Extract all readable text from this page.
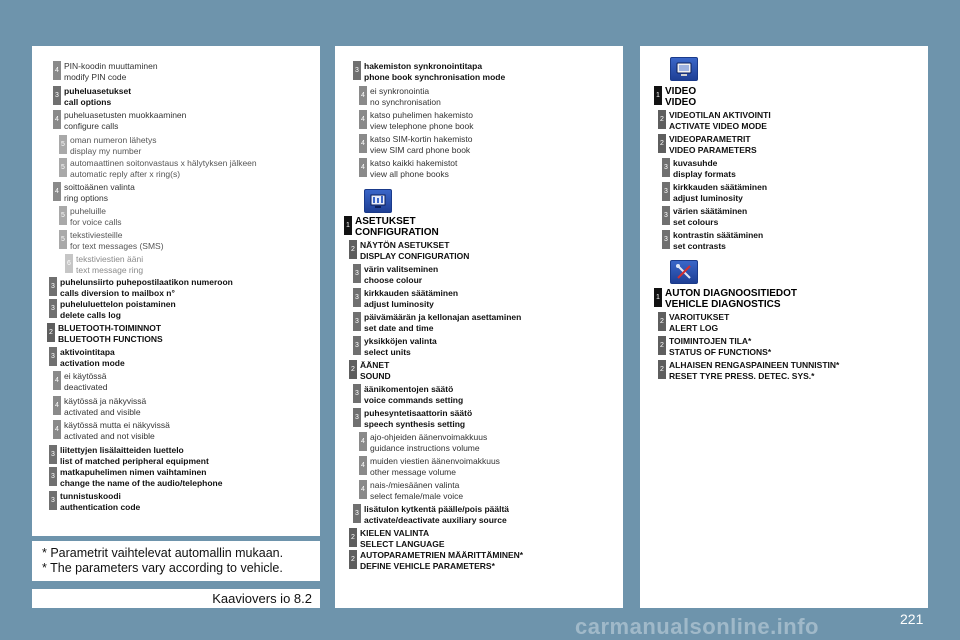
* Parametrit vaihtelevat automallin mukaan.
* The parameters vary according to vehicle.
Kaaviovers io 8.2
carmanualsonline.info	221
4 PIN-koodin muuttaminen
modify PIN code
3 puheluasetukset
call options
4 puheluasetusten muokkaaminen
configure calls
5 oman numeron lähetys
display my number
5 automaattinen soitonvastaus x hälytyksen jälkeen
automatic reply after x ring(s)
4 soittoäänen valinta
ring options
5 puheluille
for voice calls
5 tekstiviesteille
for text messages (SMS)
6 tekstiviestien ääni
text message ring
3 puhelunsiirto puhepostilaatikon numeroon
calls diversion to mailbox n°
3 puheluluettelon poistaminen
delete calls log
2 BLUETOOTH-TOIMINNOT
BLUETOOTH FUNCTIONS
3 aktivointitapa
activation mode
4 ei käytössä
deactivated
4 käytössä ja näkyvissä
activated and visible
4 käytössä mutta ei näkyvissä
activated and not visible
3 liitettyjen lisälaitteiden luettelo
list of matched peripheral equipment
3 matkapuhelimen nimen vaihtaminen
change the name of the audio/telephone
3 tunnistuskoodi
authentication code
3 hakemiston synkronointitapa
phone book synchronisation mode
4 ei synkronointia
no synchronisation
4 katso puhelimen hakemisto
view telephone phone book
4 katso SIM-kortin hakemisto
view SIM card phone book
4 katso kaikki hakemistot
view all phone books
1 ASETUKSET
CONFIGURATION
2 NÄYTÖN ASETUKSET
DISPLAY CONFIGURATION
3 värin valitseminen
choose colour
3 kirkkauden säätäminen
adjust luminosity
3 päivämäärän ja kellonajan asettaminen
set date and time
3 yksikköjen valinta
select units
2 ÄÄNET
SOUND
3 äänikomentojen säätö
voice commands setting
3 puhesyntetisaattorin säätö
speech synthesis setting
4 ajo-ohjeiden äänenvoimakkuus
guidance instructions volume
4 muiden viestien äänenvoimakkuus
other message volume
4 nais-/miesäänen valinta
select female/male voice
3 lisätulon kytkentä päälle/pois päältä
activate/deactivate auxiliary source
2 KIELEN VALINTA
SELECT LANGUAGE
2 AUTOPARAMETRIEN MÄÄRITTÄMINEN*
DEFINE VEHICLE PARAMETERS*
1 VIDEO
VIDEO
2 VIDEOTILAN AKTIVOINTI
ACTIVATE VIDEO MODE
2 VIDEOPARAMETRIT
VIDEO PARAMETERS
3 kuvasuhde
display formats
3 kirkkauden säätäminen
adjust luminosity
3 värien säätäminen
set colours
3 kontrastin säätäminen
set contrasts
1 AUTON DIAGNOOSITIEDOT
VEHICLE DIAGNOSTICS
2 VAROITUKSET
ALERT LOG
2 TOIMINTOJEN TILA*
STATUS OF FUNCTIONS*
2 ALHAISEN RENGASPAINEEN TUNNISTIN*
RESET TYRE PRESS. DETEC. SYS.*
